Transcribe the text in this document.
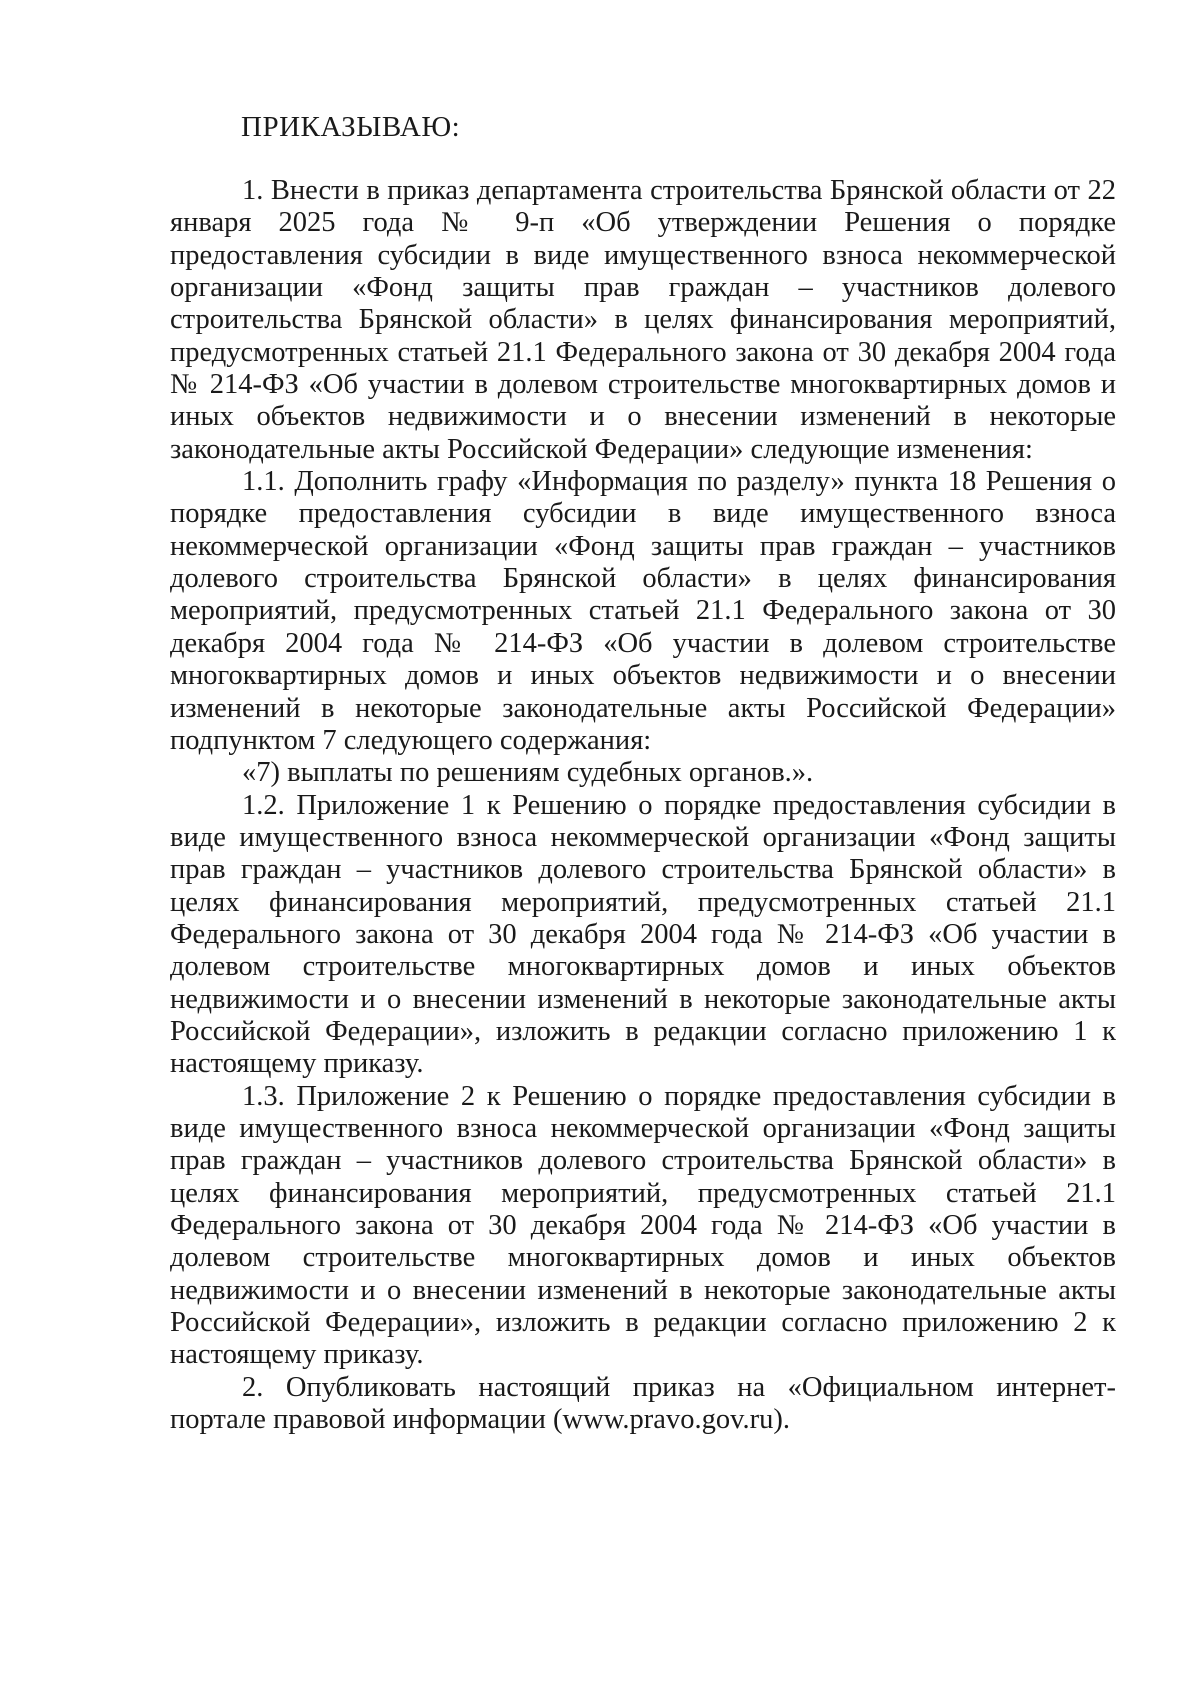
ПРИКАЗЫВАЮ:

1. Внести в приказ департамента строительства Брянской области от 22 января 2025 года № 9-п «Об утверждении Решения о порядке предоставления субсидии в виде имущественного взноса некоммерческой организации «Фонд защиты прав граждан – участников долевого строительства Брянской области» в целях финансирования мероприятий, предусмотренных статьей 21.1 Федерального закона от 30 декабря 2004 года № 214-ФЗ «Об участии в долевом строительстве многоквартирных домов и иных объектов недвижимости и о внесении изменений в некоторые законодательные акты Российской Федерации» следующие изменения:

1.1. Дополнить графу «Информация по разделу» пункта 18 Решения о порядке предоставления субсидии в виде имущественного взноса некоммерческой организации «Фонд защиты прав граждан – участников долевого строительства Брянской области» в целях финансирования мероприятий, предусмотренных статьей 21.1 Федерального закона от 30 декабря 2004 года № 214-ФЗ «Об участии в долевом строительстве многоквартирных домов и иных объектов недвижимости и о внесении изменений в некоторые законодательные акты Российской Федерации» подпунктом 7 следующего содержания:

«7) выплаты по решениям судебных органов.».

1.2. Приложение 1 к Решению о порядке предоставления субсидии в виде имущественного взноса некоммерческой организации «Фонд защиты прав граждан – участников долевого строительства Брянской области» в целях финансирования мероприятий, предусмотренных статьей 21.1 Федерального закона от 30 декабря 2004 года № 214-ФЗ «Об участии в долевом строительстве многоквартирных домов и иных объектов недвижимости и о внесении изменений в некоторые законодательные акты Российской Федерации», изложить в редакции согласно приложению 1 к настоящему приказу.

1.3. Приложение 2 к Решению о порядке предоставления субсидии в виде имущественного взноса некоммерческой организации «Фонд защиты прав граждан – участников долевого строительства Брянской области» в целях финансирования мероприятий, предусмотренных статьей 21.1 Федерального закона от 30 декабря 2004 года № 214-ФЗ «Об участии в долевом строительстве многоквартирных домов и иных объектов недвижимости и о внесении изменений в некоторые законодательные акты Российской Федерации», изложить в редакции согласно приложению 2 к настоящему приказу.

2. Опубликовать настоящий приказ на «Официальном интернет-портале правовой информации (www.pravo.gov.ru).
